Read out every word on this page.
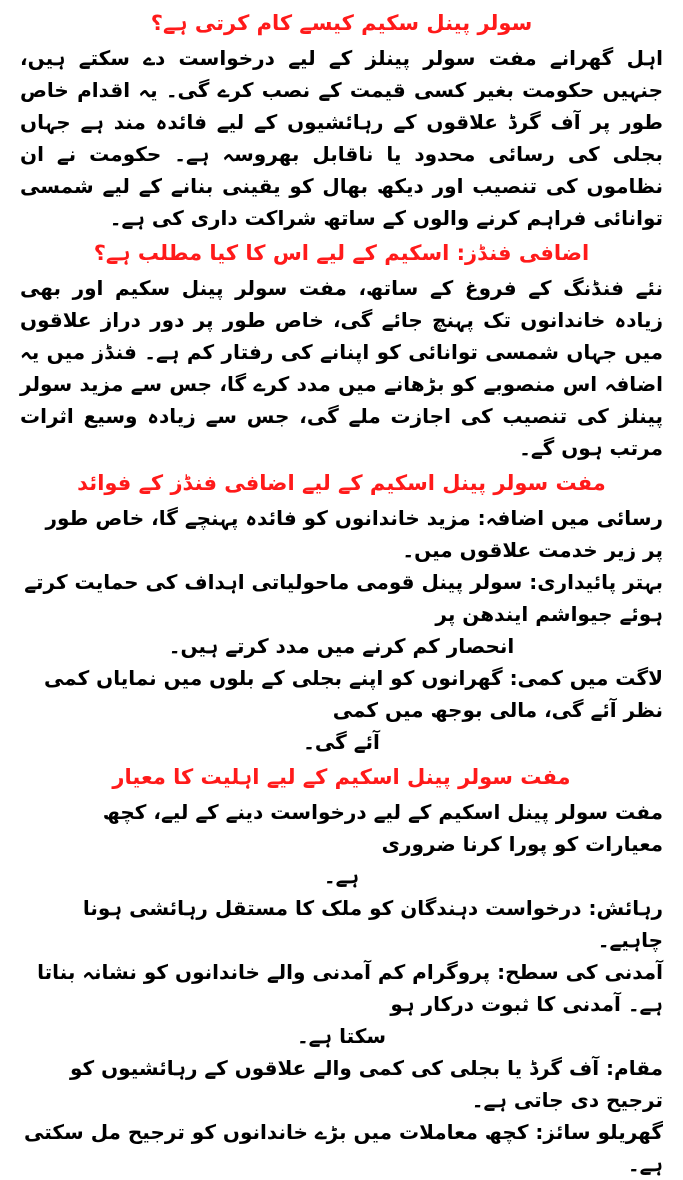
سولر پینل سکیم کیسے کام کرتی ہے؟

اہل گھرانے مفت سولر پینلز کے لیے درخواست دے سکتے ہیں، جنہیں حکومت بغیر کسی قیمت کے نصب کرے گی۔ یہ اقدام خاص طور پر آف گرڈ علاقوں کے رہائشیوں کے لیے فائدہ مند ہے جہاں بجلی کی رسائی محدود یا ناقابل بھروسہ ہے۔ حکومت نے ان نظاموں کی تنصیب اور دیکھ بھال کو یقینی بنانے کے لیے شمسی توانائی فراہم کرنے والوں کے ساتھ شراکت داری کی ہے۔

اضافی فنڈز: اسکیم کے لیے اس کا کیا مطلب ہے؟

نئے فنڈنگ کے فروغ کے ساتھ، مفت سولر پینل سکیم اور بھی زیادہ خاندانوں تک پہنچ جائے گی، خاص طور پر دور دراز علاقوں میں جہاں شمسی توانائی کو اپنانے کی رفتار کم ہے۔ فنڈز میں یہ اضافہ اس منصوبے کو بڑھانے میں مدد کرے گا، جس سے مزید سولر پینلز کی تنصیب کی اجازت ملے گی، جس سے زیادہ وسیع اثرات مرتب ہوں گے۔

مفت سولر پینل اسکیم کے لیے اضافی فنڈز کے فوائد

رسائی میں اضافہ: مزید خاندانوں کو فائدہ پہنچے گا، خاص طور پر زیر خدمت علاقوں میں۔

بہتر پائیداری: سولر پینل قومی ماحولیاتی اہداف کی حمایت کرتے ہوئے جیواشم ایندھن پر
انحصار کم کرنے میں مدد کرتے ہیں۔

لاگت میں کمی: گھرانوں کو اپنے بجلی کے بلوں میں نمایاں کمی نظر آئے گی، مالی بوجھ میں کمی
آئے گی۔

مفت سولر پینل اسکیم کے لیے اہلیت کا معیار

مفت سولر پینل اسکیم کے لیے درخواست دینے کے لیے، کچھ معیارات کو پورا کرنا ضروری
ہے۔

رہائش: درخواست دہندگان کو ملک کا مستقل رہائشی ہونا چاہیے۔

آمدنی کی سطح: پروگرام کم آمدنی والے خاندانوں کو نشانہ بناتا ہے۔ آمدنی کا ثبوت درکار ہو
سکتا ہے۔

مقام: آف گرڈ یا بجلی کی کمی والے علاقوں کے رہائشیوں کو ترجیح دی جاتی ہے۔

گھریلو سائز: کچھ معاملات میں بڑے خاندانوں کو ترجیح مل سکتی ہے۔
